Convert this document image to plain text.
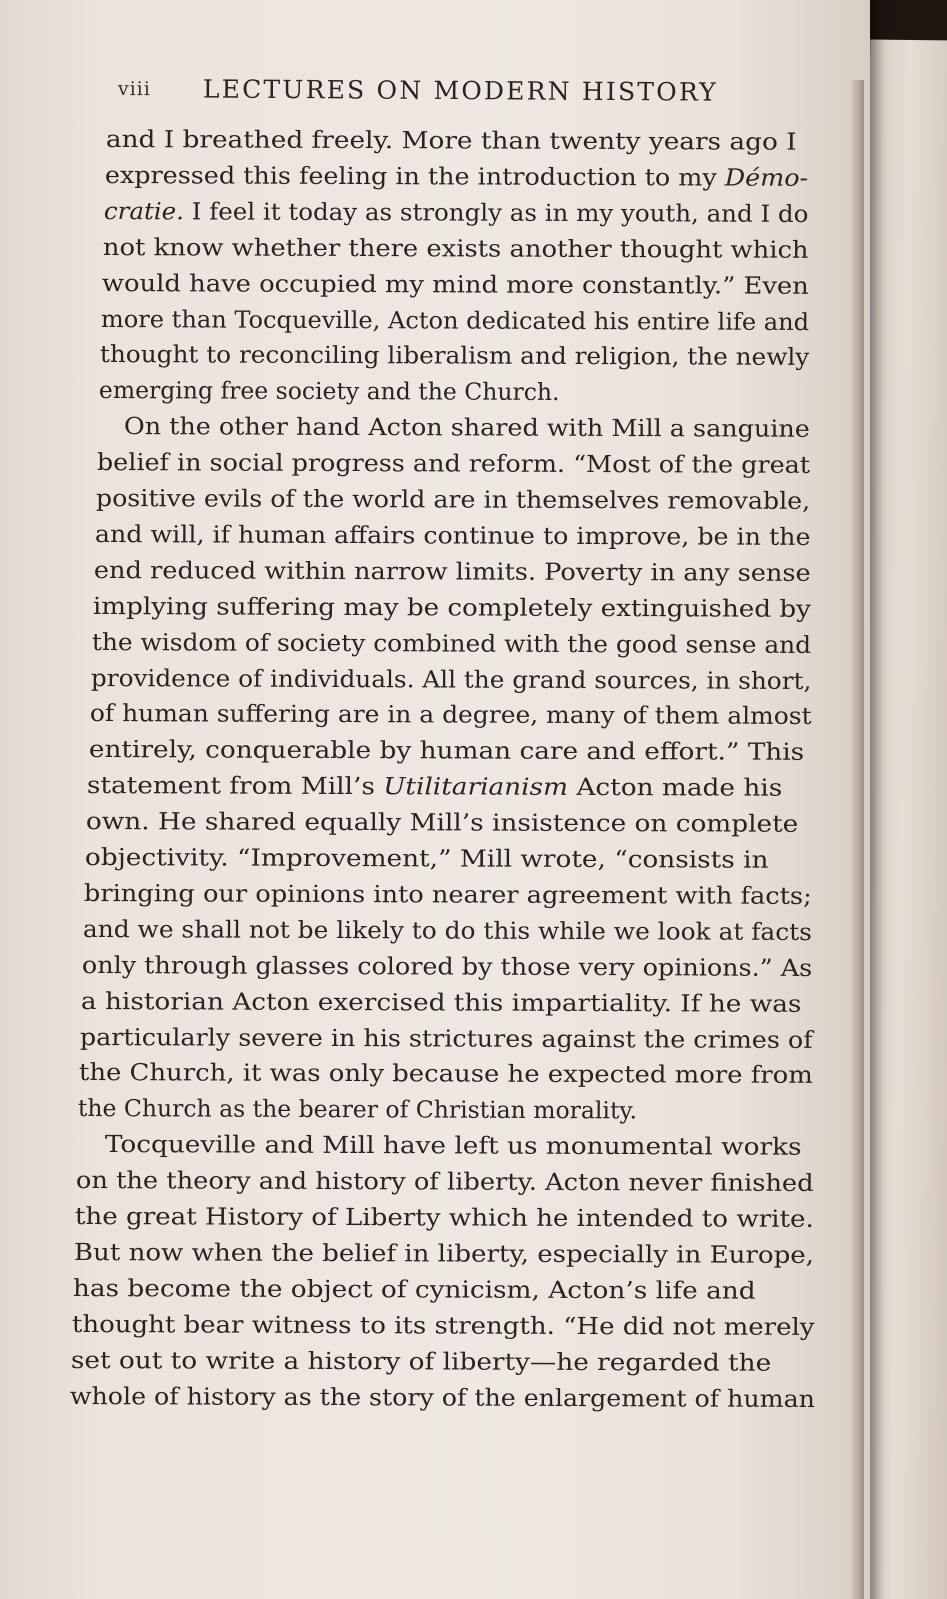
viii LECTURES ON MODERN HISTORY
and I breathed freely. More than twenty years ago I
expressed this feeling in the introduction to my Démo-
cratie. I feel it today as strongly as in my youth, and I do
not know whether there exists another thought which
would have occupied my mind more constantly.” Even
more than Tocqueville, Acton dedicated his entire life and
thought to reconciling liberalism and religion, the newly
emerging free society and the Church.
On the other hand Acton shared with Mill a sanguine
belief in social progress and reform. “Most of the great
positive evils of the world are in themselves removable,
and will, if human affairs continue to improve, be in the
end reduced within narrow limits. Poverty in any sense
implying suffering may be completely extinguished by
the wisdom of society combined with the good sense and
providence of individuals. All the grand sources, in short,
of human suffering are in a degree, many of them almost
entirely, conquerable by human care and effort.” This
statement from Mill’s Utilitarianism Acton made his
own. He shared equally Mill’s insistence on complete
objectivity. “Improvement,” Mill wrote, “consists in
bringing our opinions into nearer agreement with facts;
and we shall not be likely to do this while we look at facts
only through glasses colored by those very opinions.” As
a historian Acton exercised this impartiality. If he was
particularly severe in his strictures against the crimes of
the Church, it was only because he expected more from
the Church as the bearer of Christian morality.
Tocqueville and Mill have left us monumental works
on the theory and history of liberty. Acton never finished
the great History of Liberty which he intended to write.
But now when the belief in liberty, especially in Europe,
has become the object of cynicism, Acton’s life and
thought bear witness to its strength. “He did not merely
set out to write a history of liberty—he regarded the
whole of history as the story of the enlargement of human
